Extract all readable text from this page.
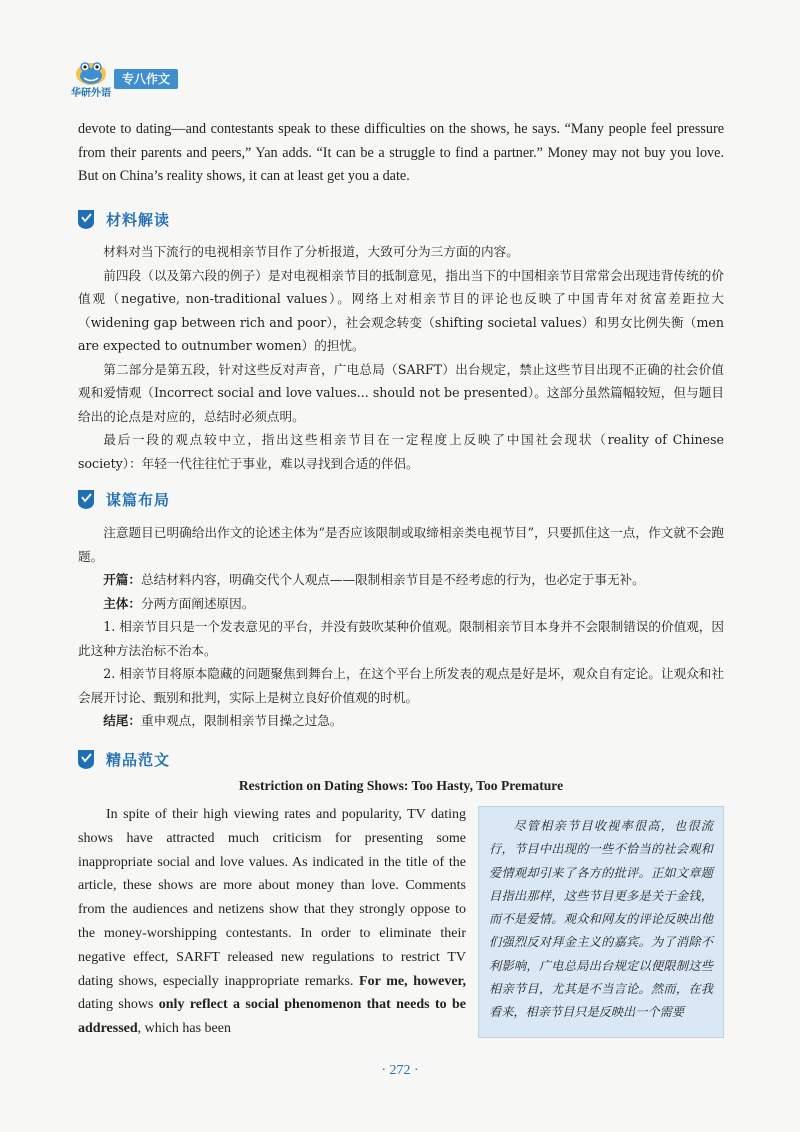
华研外语
专八作文
devote to dating—and contestants speak to these difficulties on the shows, he says. “Many people feel pressure from their parents and peers,” Yan adds. “It can be a struggle to find a partner.” Money may not buy you love. But on China’s reality shows, it can at least get you a date.
材料解读

材料对当下流行的电视相亲节目作了分析报道，大致可分为三方面的内容。

前四段（以及第六段的例子）是对电视相亲节目的抵制意见，指出当下的中国相亲节目常常会出现违背传统的价值观（negative, non-traditional values）。网络上对相亲节目的评论也反映了中国青年对贫富差距拉大（widening gap between rich and poor），社会观念转变（shifting societal values）和男女比例失衡（men are expected to outnumber women）的担忧。

第二部分是第五段，针对这些反对声音，广电总局（SARFT）出台规定，禁止这些节目出现不正确的社会价值观和爱情观（Incorrect social and love values... should not be presented）。这部分虽然篇幅较短，但与题目给出的论点是对应的，总结时必须点明。

最后一段的观点较中立，指出这些相亲节目在一定程度上反映了中国社会现状（reality of Chinese society）：年轻一代往往忙于事业，难以寻找到合适的伴侣。

谋篇布局

注意题目已明确给出作文的论述主体为“是否应该限制或取缔相亲类电视节目”，只要抓住这一点，作文就不会跑题。

开篇：总结材料内容，明确交代个人观点——限制相亲节目是不经考虑的行为，也必定于事无补。

主体：分两方面阐述原因。

1. 相亲节目只是一个发表意见的平台，并没有鼓吹某种价值观。限制相亲节目本身并不会限制错误的价值观，因此这种方法治标不治本。

2. 相亲节目将原本隐藏的问题聚焦到舞台上，在这个平台上所发表的观点是好是坏，观众自有定论。让观众和社会展开讨论、甄别和批判，实际上是树立良好价值观的时机。

结尾：重申观点，限制相亲节目操之过急。

精品范文
Restriction on Dating Shows: Too Hasty, Too Premature

In spite of their high viewing rates and popularity, TV dating shows have attracted much criticism for presenting some inappropriate social and love values. As indicated in the title of the article, these shows are more about money than love. Comments from the audiences and netizens show that they strongly oppose to the money-worshipping contestants. In order to eliminate their negative effect, SARFT released new regulations to restrict TV dating shows, especially inappropriate remarks. For me, however, dating shows only reflect a social phenomenon that needs to be addressed, which has been

尽管相亲节目收视率很高，也很流行，节目中出现的一些不恰当的社会观和爱情观却引来了各方的批评。正如文章题目指出那样，这些节目更多是关于金钱，而不是爱情。观众和网友的评论反映出他们强烈反对拜金主义的嘉宾。为了消除不利影响，广电总局出台规定以便限制这些相亲节目，尤其是不当言论。然而，在我看来，相亲节目只是反映出一个需要

· 272 ·
